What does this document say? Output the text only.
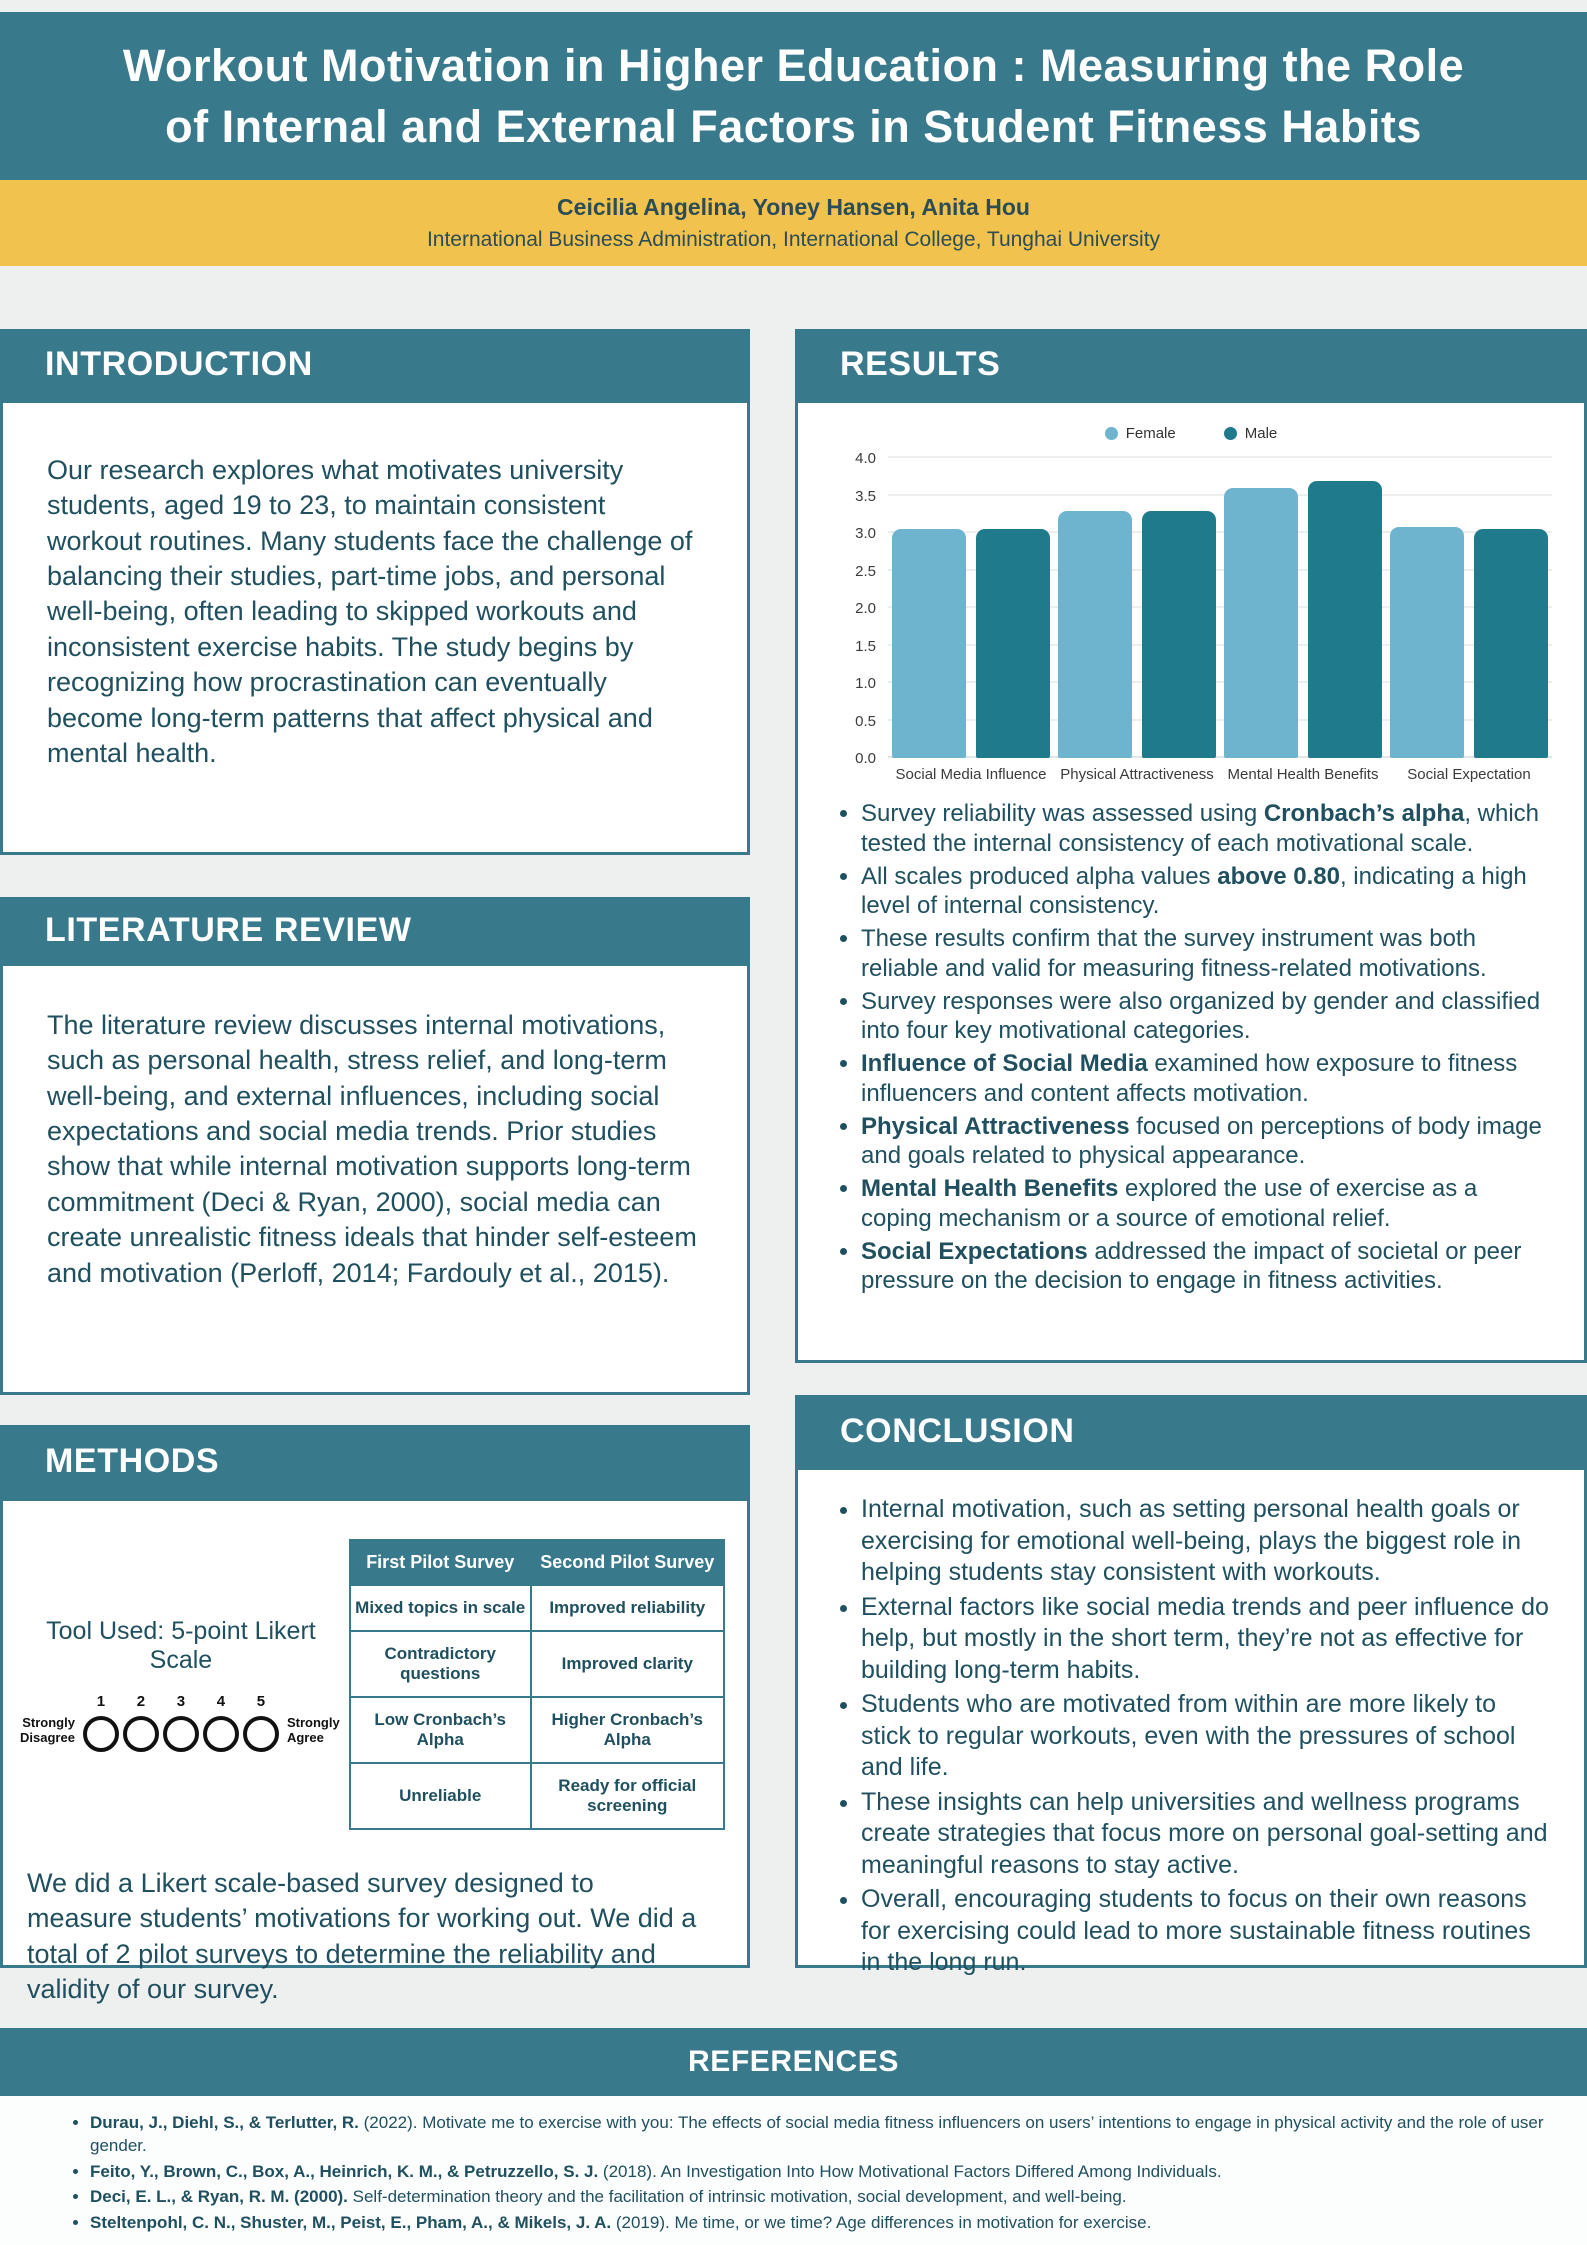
Workout Motivation in Higher Education : Measuring the Role
of Internal and External Factors in Student Fitness Habits
Ceicilia Angelina, Yoney Hansen, Anita Hou
International Business Administration, International College, Tunghai University
INTRODUCTION

Our research explores what motivates university students, aged 19 to 23, to maintain consistent workout routines. Many students face the challenge of balancing their studies, part-time jobs, and personal well-being, often leading to skipped workouts and inconsistent exercise habits. The study begins by recognizing how procrastination can eventually become long-term patterns that affect physical and mental health.

LITERATURE REVIEW

The literature review discusses internal motivations, such as personal health, stress relief, and long-term well-being, and external influences, including social expectations and social media trends. Prior studies show that while internal motivation supports long-term commitment (Deci & Ryan, 2000), social media can create unrealistic fitness ideals that hinder self-esteem and motivation (Perloff, 2014; Fardouly et al., 2015).

METHODS
Tool Used: 5-point Likert Scale
Strongly Disagree
1 2 3 4 5
Strongly Agree
First Pilot Survey	Second Pilot Survey
Mixed topics in scale	Improved reliability
Contradictory questions	Improved clarity
Low Cronbach’s Alpha	Higher Cronbach’s Alpha
Unreliable	Ready for official screening

We did a Likert scale-based survey designed to measure students’ motivations for working out. We did a total of 2 pilot surveys to determine the reliability and validity of our survey.

RESULTS
Female	Male
0.0
0.5
1.0
1.5
2.0
2.5
3.0
3.5
4.0
Social Media Influence Physical Attractiveness Mental Health Benefits	Social Expectation
• Survey reliability was assessed using Cronbach’s alpha, which tested the internal consistency of each motivational scale.
• All scales produced alpha values above 0.80, indicating a high level of internal consistency.
• These results confirm that the survey instrument was both reliable and valid for measuring fitness-related motivations.
• Survey responses were also organized by gender and classified into four key motivational categories.
• Influence of Social Media examined how exposure to fitness influencers and content affects motivation.
• Physical Attractiveness focused on perceptions of body image and goals related to physical appearance.
• Mental Health Benefits explored the use of exercise as a coping mechanism or a source of emotional relief.
• Social Expectations addressed the impact of societal or peer pressure on the decision to engage in fitness activities.
CONCLUSION
• Internal motivation, such as setting personal health goals or exercising for emotional well-being, plays the biggest role in helping students stay consistent with workouts.
• External factors like social media trends and peer influence do help, but mostly in the short term, they’re not as effective for building long-term habits.
• Students who are motivated from within are more likely to stick to regular workouts, even with the pressures of school and life.
• These insights can help universities and wellness programs create strategies that focus more on personal goal-setting and meaningful reasons to stay active.
• Overall, encouraging students to focus on their own reasons for exercising could lead to more sustainable fitness routines in the long run.
REFERENCES
• Durau, J., Diehl, S., & Terlutter, R. (2022). Motivate me to exercise with you: The effects of social media fitness influencers on users’ intentions to engage in physical activity and the role of user gender.
• Feito, Y., Brown, C., Box, A., Heinrich, K. M., & Petruzzello, S. J. (2018). An Investigation Into How Motivational Factors Differed Among Individuals.
• Deci, E. L., & Ryan, R. M. (2000). Self-determination theory and the facilitation of intrinsic motivation, social development, and well-being.
• Steltenpohl, C. N., Shuster, M., Peist, E., Pham, A., & Mikels, J. A. (2019). Me time, or we time? Age differences in motivation for exercise.
